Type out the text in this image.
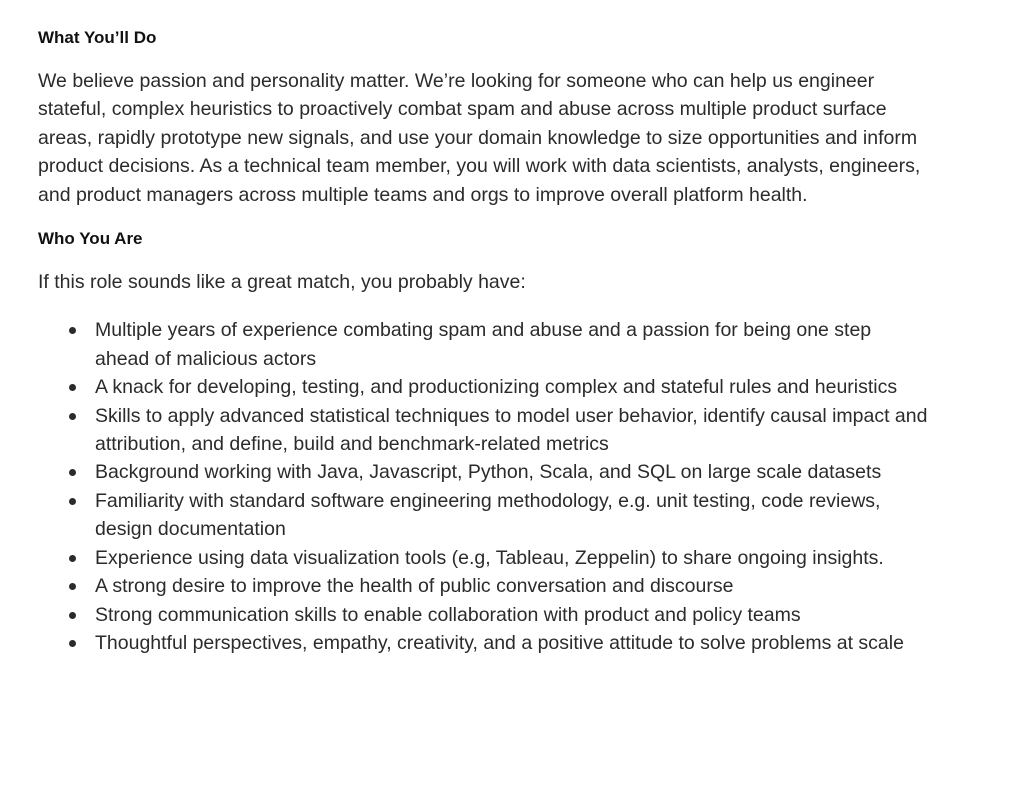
What You’ll Do

We believe passion and personality matter. We’re looking for someone who can help us engineer stateful, complex heuristics to proactively combat spam and abuse across multiple product surface areas, rapidly prototype new signals, and use your domain knowledge to size opportunities and inform product decisions. As a technical team member, you will work with data scientists, analysts, engineers, and product managers across multiple teams and orgs to improve overall platform health.

Who You Are

If this role sounds like a great match, you probably have:

Multiple years of experience combating spam and abuse and a passion for being one step ahead of malicious actors
A knack for developing, testing, and productionizing complex and stateful rules and heuristics
Skills to apply advanced statistical techniques to model user behavior, identify causal impact and attribution, and define, build and benchmark-related metrics
Background working with Java, Javascript, Python, Scala, and SQL on large scale datasets
Familiarity with standard software engineering methodology, e.g. unit testing, code reviews, design documentation
Experience using data visualization tools (e.g, Tableau, Zeppelin) to share ongoing insights.
A strong desire to improve the health of public conversation and discourse
Strong communication skills to enable collaboration with product and policy teams
Thoughtful perspectives, empathy, creativity, and a positive attitude to solve problems at scale
